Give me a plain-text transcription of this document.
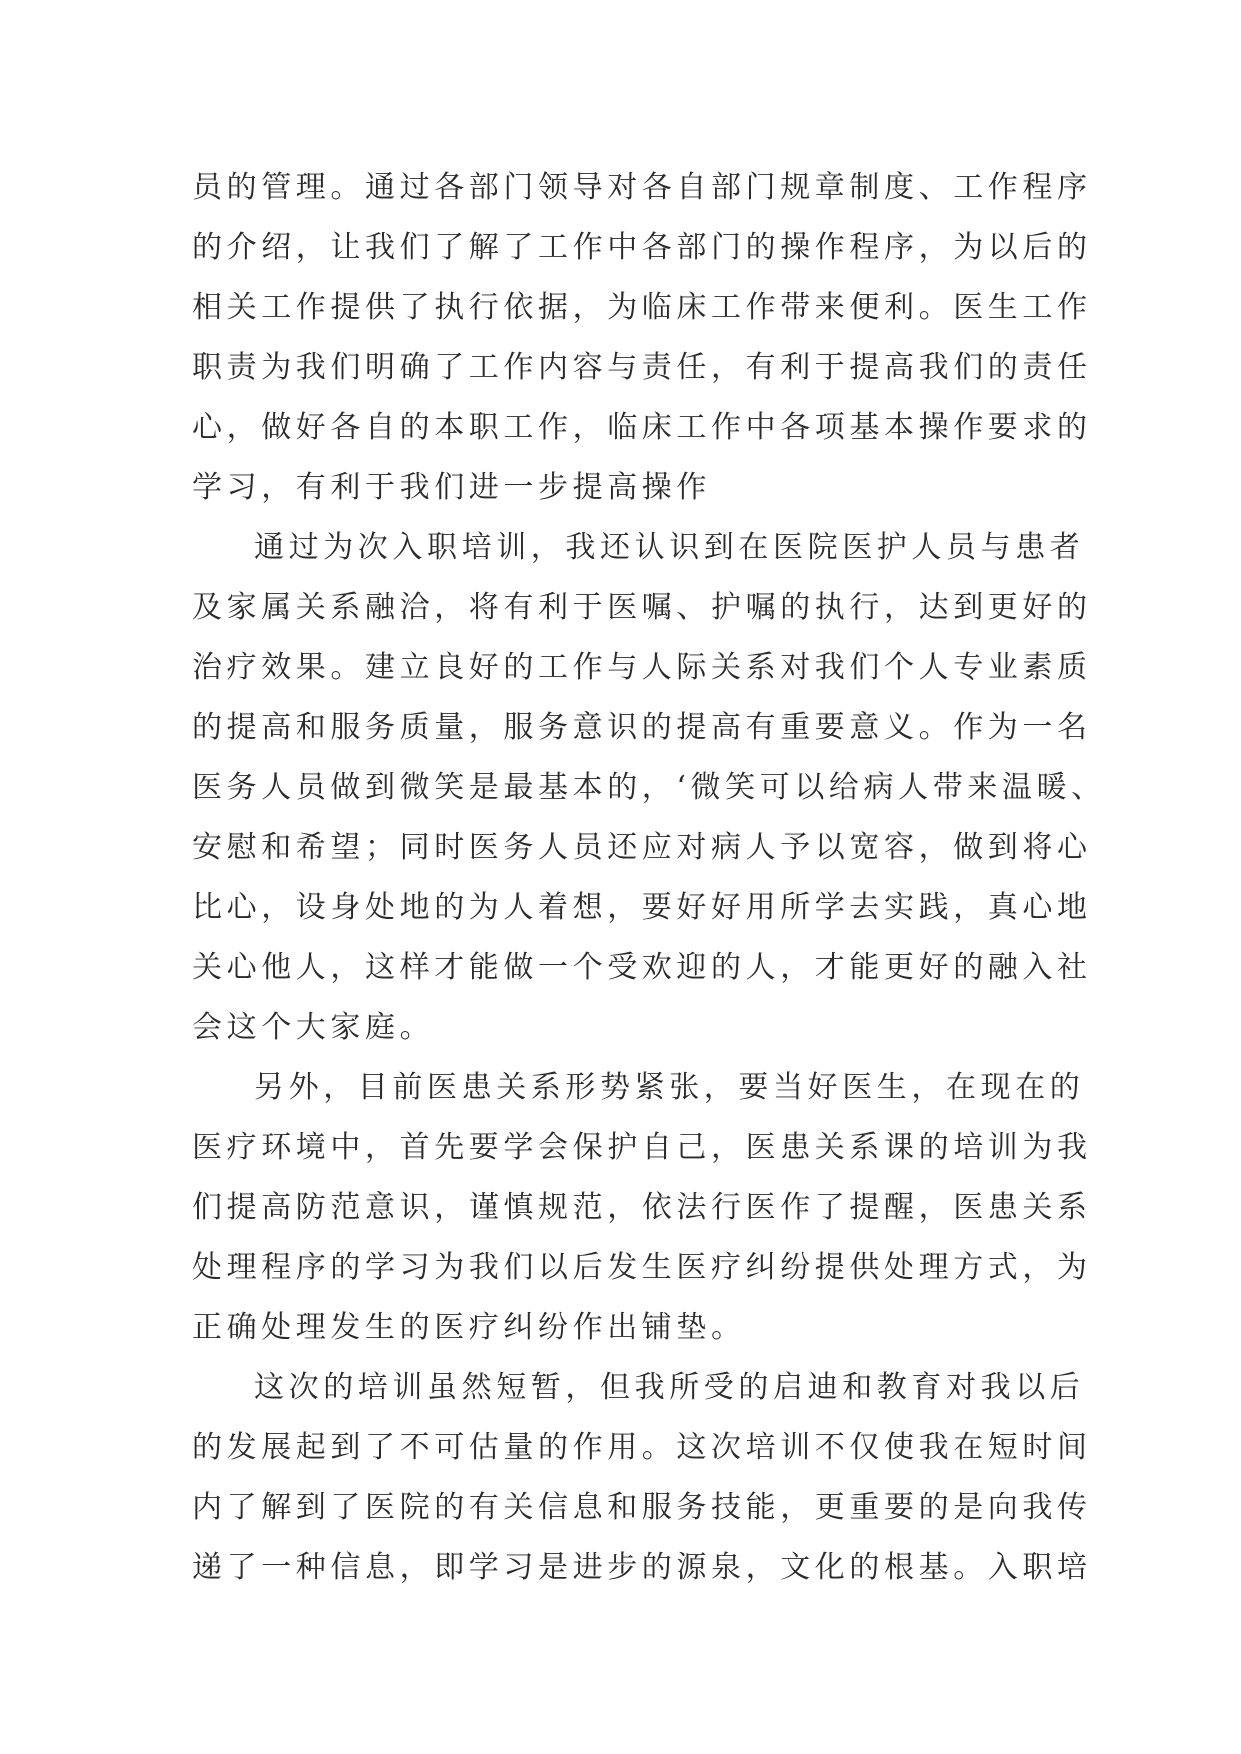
员的管理。通过各部门领导对各自部门规章制度、工作程序
的介绍，让我们了解了工作中各部门的操作程序，为以后的
相关工作提供了执行依据，为临床工作带来便利。医生工作
职责为我们明确了工作内容与责任，有利于提高我们的责任
心，做好各自的本职工作，临床工作中各项基本操作要求的
学习，有利于我们进一步提高操作
通过为次入职培训，我还认识到在医院医护人员与患者
及家属关系融洽，将有利于医嘱、护嘱的执行，达到更好的
治疗效果。建立良好的工作与人际关系对我们个人专业素质
的提高和服务质量，服务意识的提高有重要意义。作为一名
医务人员做到微笑是最基本的，‘微笑可以给病人带来温暖、
安慰和希望；同时医务人员还应对病人予以宽容，做到将心
比心，设身处地的为人着想，要好好用所学去实践，真心地
关心他人，这样才能做一个受欢迎的人，才能更好的融入社
会这个大家庭。
另外，目前医患关系形势紧张，要当好医生，在现在的
医疗环境中，首先要学会保护自己，医患关系课的培训为我
们提高防范意识，谨慎规范，依法行医作了提醒，医患关系
处理程序的学习为我们以后发生医疗纠纷提供处理方式，为
正确处理发生的医疗纠纷作出铺垫。
这次的培训虽然短暂，但我所受的启迪和教育对我以后
的发展起到了不可估量的作用。这次培训不仅使我在短时间
内了解到了医院的有关信息和服务技能，更重要的是向我传
递了一种信息，即学习是进步的源泉，文化的根基。入职培
